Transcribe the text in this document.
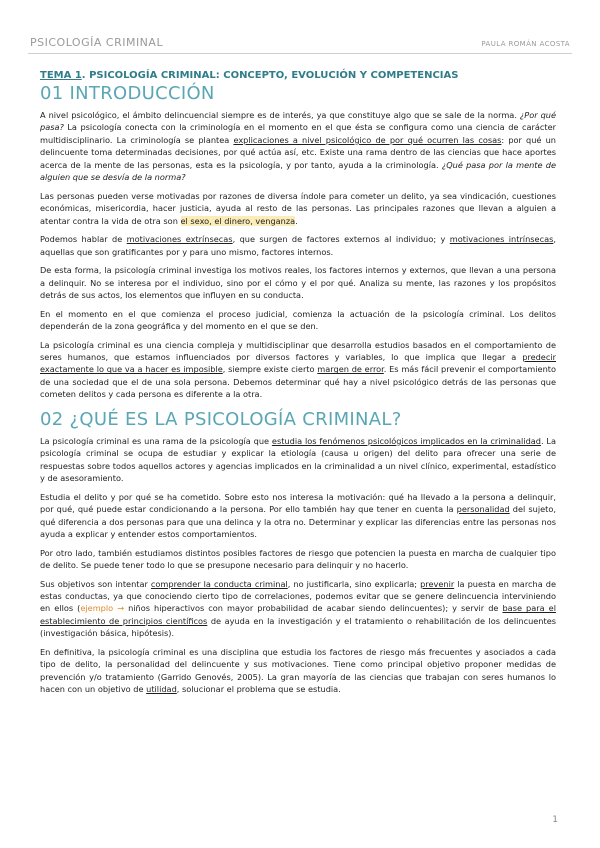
PSICOLOGÍA CRIMINAL	PAULA ROMÁN ACOSTA
TEMA 1. PSICOLOGÍA CRIMINAL: CONCEPTO, EVOLUCIÓN Y COMPETENCIAS
01 INTRODUCCIÓN

A nivel psicológico, el ámbito delincuencial siempre es de interés, ya que constituye algo que se sale de la norma. ¿Por qué pasa? La psicología conecta con la criminología en el momento en el que ésta se configura como una ciencia de carácter multidisciplinario. La criminología se plantea explicaciones a nivel psicológico de por qué ocurren las cosas: por qué un delincuente toma determinadas decisiones, por qué actúa así, etc. Existe una rama dentro de las ciencias que hace aportes acerca de la mente de las personas, esta es la psicología, y por tanto, ayuda a la criminología. ¿Qué pasa por la mente de alguien que se desvía de la norma?

Las personas pueden verse motivadas por razones de diversa índole para cometer un delito, ya sea vindicación, cuestiones económicas, misericordia, hacer justicia, ayuda al resto de las personas. Las principales razones que llevan a alguien a atentar contra la vida de otra son el sexo, el dinero, venganza.

Podemos hablar de motivaciones extrínsecas, que surgen de factores externos al individuo; y motivaciones intrínsecas, aquellas que son gratificantes por y para uno mismo, factores internos.

De esta forma, la psicología criminal investiga los motivos reales, los factores internos y externos, que llevan a una persona a delinquir. No se interesa por el individuo, sino por el cómo y el por qué. Analiza su mente, las razones y los propósitos detrás de sus actos, los elementos que influyen en su conducta.

En el momento en el que comienza el proceso judicial, comienza la actuación de la psicología criminal. Los delitos dependerán de la zona geográfica y del momento en el que se den.

La psicología criminal es una ciencia compleja y multidisciplinar que desarrolla estudios basados en el comportamiento de seres humanos, que estamos influenciados por diversos factores y variables, lo que implica que llegar a predecir exactamente lo que va a hacer es imposible, siempre existe cierto margen de error. Es más fácil prevenir el comportamiento de una sociedad que el de una sola persona. Debemos determinar qué hay a nivel psicológico detrás de las personas que cometen delitos y cada persona es diferente a la otra.

02 ¿QUÉ ES LA PSICOLOGÍA CRIMINAL?

La psicología criminal es una rama de la psicología que estudia los fenómenos psicológicos implicados en la criminalidad. La psicología criminal se ocupa de estudiar y explicar la etiología (causa u origen) del delito para ofrecer una serie de respuestas sobre todos aquellos actores y agencias implicados en la criminalidad a un nivel clínico, experimental, estadístico y de asesoramiento.

Estudia el delito y por qué se ha cometido. Sobre esto nos interesa la motivación: qué ha llevado a la persona a delinquir, por qué, qué puede estar condicionando a la persona. Por ello también hay que tener en cuenta la personalidad del sujeto, qué diferencia a dos personas para que una delinca y la otra no. Determinar y explicar las diferencias entre las personas nos ayuda a explicar y entender estos comportamientos.

Por otro lado, también estudiamos distintos posibles factores de riesgo que potencien la puesta en marcha de cualquier tipo de delito. Se puede tener todo lo que se presupone necesario para delinquir y no hacerlo.

Sus objetivos son intentar comprender la conducta criminal, no justificarla, sino explicarla; prevenir la puesta en marcha de estas conductas, ya que conociendo cierto tipo de correlaciones, podemos evitar que se genere delincuencia interviniendo en ellos (ejemplo → niños hiperactivos con mayor probabilidad de acabar siendo delincuentes); y servir de base para el establecimiento de principios científicos de ayuda en la investigación y el tratamiento o rehabilitación de los delincuentes (investigación básica, hipótesis).

En definitiva, la psicología criminal es una disciplina que estudia los factores de riesgo más frecuentes y asociados a cada tipo de delito, la personalidad del delincuente y sus motivaciones. Tiene como principal objetivo proponer medidas de prevención y/o tratamiento (Garrido Genovés, 2005). La gran mayoría de las ciencias que trabajan con seres humanos lo hacen con un objetivo de utilidad, solucionar el problema que se estudia.

1
